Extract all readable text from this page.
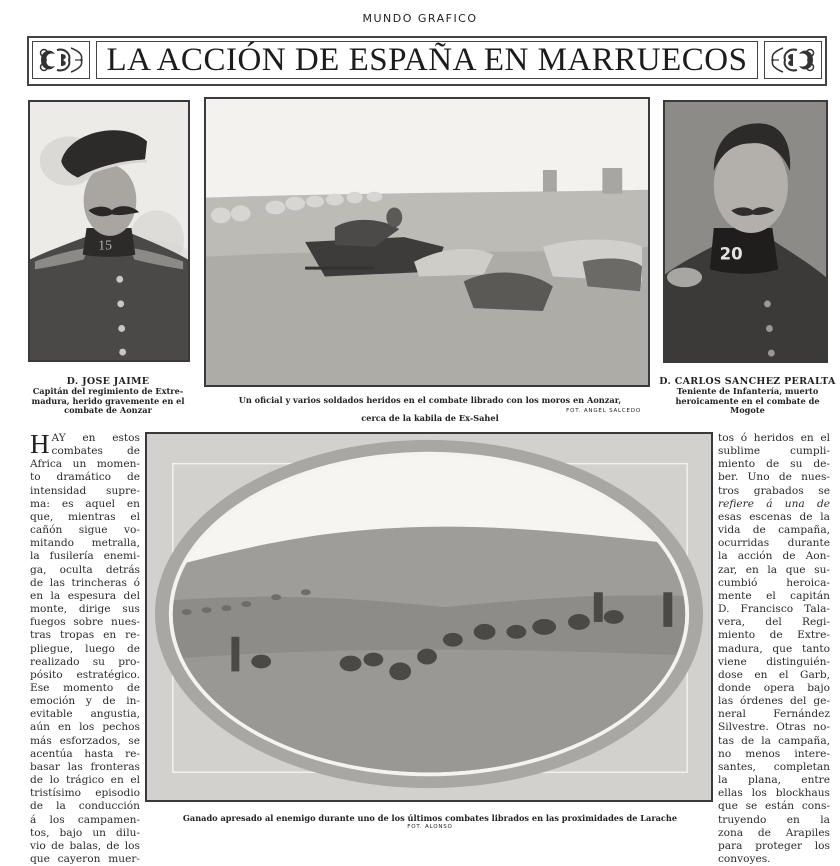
MUNDO GRAFICO
LA ACCIÓN DE ESPAÑA EN MARRUECOS
15	20
D. JOSE JAIME
Capitán del regimiento de Extre-
madura, herido gravemente en el
combate de Aonzar
Un oficial y varios soldados heridos en el combate librado con los moros en Aonzar,
cerca de la kabila de Ex-Sahel
FOT. ANGEL SALCEDO
D. CARLOS SANCHEZ PERALTA
Teniente de Infantería, muerto
heroicamente en el combate de
Mogote
Ganado apresado al enemigo durante uno de los últimos combates librados en las proximidades de Larache
FOT. ALONSO
H AY en estos
combates de
Africa un momen-
to dramático de
intensidad supre-
ma: es aquel en
que, mientras el
cañón sigue vo-
mitando metralla,
la fusilería enemi-
ga, oculta detrás
de las trincheras ó
en la espesura del
monte, dirige sus
fuegos sobre nues-
tras tropas en re-
pliegue, luego de
realizado su pro-
pósito estratégico.
Ese momento de
emoción y de in-
evitable angustia,
aún en los pechos
más esforzados, se
acentúa hasta re-
basar las fronteras
de lo trágico en el
tristísimo episodio
de la conducción
á los campamen-
tos, bajo un dilu-
vio de balas, de los
que cayeron muer-
tos ó heridos en el
sublime cumpli-
miento de su de-
ber. Uno de nues-
tros grabados se
refiere á una de
esas escenas de la
vida de campaña,
ocurridas durante
la acción de Aon-
zar, en la que su-
cumbió heroica-
mente el capitán
D. Francisco Tala-
vera, del Regi-
miento de Extre-
madura, que tanto
viene distinguién-
dose en el Garb,
donde opera bajo
las órdenes del ge-
neral Fernández
Silvestre. Otras no-
tas de la campaña,
no menos intere-
santes, completan
la plana, entre
ellas los blockhaus
que se están cons-
truyendo en la
zona de Arapiles
para proteger los
convoyes.
